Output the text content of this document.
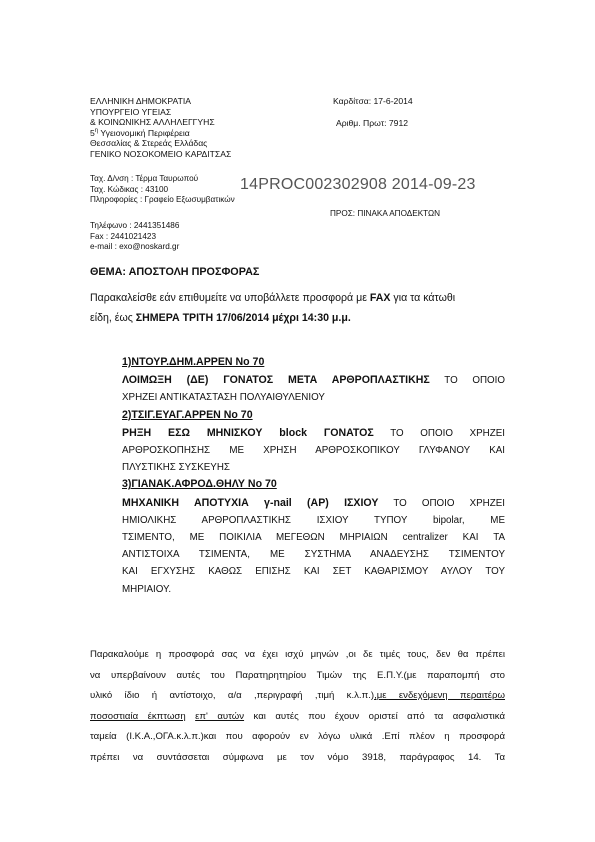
ΕΛΛΗΝΙΚΗ ΔΗΜΟΚΡΑΤΙΑ
ΥΠΟΥΡΓΕΙΟ ΥΓΕΙΑΣ
& ΚΟΙΝΩΝΙΚΗΣ ΑΛΛΗΛΕΓΓΥΗΣ
$5^\eta$ Υγειονομική Περιφέρεια
Θεσσαλίας & Στερεάς Ελλάδας
ΓΕΝΙΚΟ ΝΟΣΟΚΟΜΕΙΟ ΚΑΡΔΙΤΣΑΣ
Καρδίτσα: 17-6-2014
Αριθμ. Πρωτ: 7912
Ταχ. Δ/νση : Τέρμα Ταυρωπού
Ταχ. Κώδικας : 43100
Πληροφορίες : Γραφείο Εξωσυμβατικών
14PROC002302908 2014-09-23
ΠΡΟΣ: ΠΙΝΑΚΑ ΑΠΟΔΕΚΤΩΝ
Τηλέφωνο : 2441351486
Fax : 2441021423
e-mail : exo@noskard.gr
ΘΕΜΑ: ΑΠΟΣΤΟΛΗ ΠΡΟΣΦΟΡΑΣ
Παρακαλείσθε εάν επιθυμείτε να υποβάλλετε προσφορά με FAX για τα κάτωθι
είδη, έως ΣΗΜΕΡΑ ΤΡΙΤΗ 17/06/2014 μέχρι 14:30 μ.μ.
1)ΝΤΟΥΡ.ΔΗΜ.ΑΡΡΕΝ Νο 70
ΛΟΙΜΩΞΗ (ΔΕ) ΓΟΝΑΤΟΣ ΜΕΤΑ ΑΡΘΡΟΠΛΑΣΤΙΚΗΣ ΤΟ ΟΠΟΙΟ
ΧΡΗΖΕΙ ΑΝΤΙΚΑΤΑΣΤΑΣΗ ΠΟΛΥΑΙΘΥΛΕΝΙΟΥ
2)ΤΣΙΓ.ΕΥΑΓ.ΑΡΡΕΝ Νο 70
ΡΗΞΗ ΕΣΩ ΜΗΝΙΣΚΟΥ block ΓΟΝΑΤΟΣ ΤΟ ΟΠΟΙΟ ΧΡΗΖΕΙ
ΑΡΘΡΟΣΚΟΠΗΣΗΣ ΜΕ ΧΡΗΣΗ ΑΡΘΡΟΣΚΟΠΙΚΟΥ ΓΛΥΦΑΝΟΥ ΚΑΙ
ΠΛΥΣΤΙΚΗΣ ΣΥΣΚΕΥΗΣ
3)ΓΙΑΝΑΚ.ΑΦΡΟΔ.ΘΗΛΥ Νο 70
ΜΗΧΑΝΙΚΗ ΑΠΟΤΥΧΙΑ γ-nail (ΑΡ) ΙΣΧΙΟΥ ΤΟ ΟΠΟΙΟ ΧΡΗΖΕΙ
ΗΜΙΟΛΙΚΗΣ ΑΡΘΡΟΠΛΑΣΤΙΚΗΣ ΙΣΧΙΟΥ ΤΥΠΟΥ bipolar, ΜΕ
ΤΣΙΜΕΝΤΟ, ΜΕ ΠΟΙΚΙΛΙΑ ΜΕΓΕΘΩΝ ΜΗΡΙΑΙΩΝ centralizer ΚΑΙ ΤΑ
ΑΝΤΙΣΤΟΙΧΑ ΤΣΙΜΕΝΤΑ, ΜΕ ΣΥΣΤΗΜΑ ΑΝΑΔΕΥΣΗΣ ΤΣΙΜΕΝΤΟΥ
ΚΑΙ ΕΓΧΥΣΗΣ ΚΑΘΩΣ ΕΠΙΣΗΣ ΚΑΙ ΣΕΤ ΚΑΘΑΡΙΣΜΟΥ ΑΥΛΟΥ ΤΟΥ
ΜΗΡΙΑΙΟΥ.
Παρακαλούμε η προσφορά σας να έχει ισχύ μηνών ,οι δε τιμές τους, δεν θα πρέπει
να υπερβαίνουν αυτές του Παρατηρητηρίου Τιμών της Ε.Π.Υ.(με παραπομπή στο
υλικό ίδιο ή αντίστοιχο, α/α ,περιγραφή ,τιμή κ.λ.π.),με ενδεχόμενη περαιτέρω
ποσοστιαία έκπτωση επ' αυτών και αυτές που έχουν οριστεί από τα ασφαλιστικά
ταμεία (Ι.Κ.Α.,ΟΓΑ.κ.λ.π.)και που αφορούν εν λόγω υλικά .Επί πλέον η προσφορά
πρέπει να συντάσσεται σύμφωνα με τον νόμο 3918, παράγραφος 14. Τα
